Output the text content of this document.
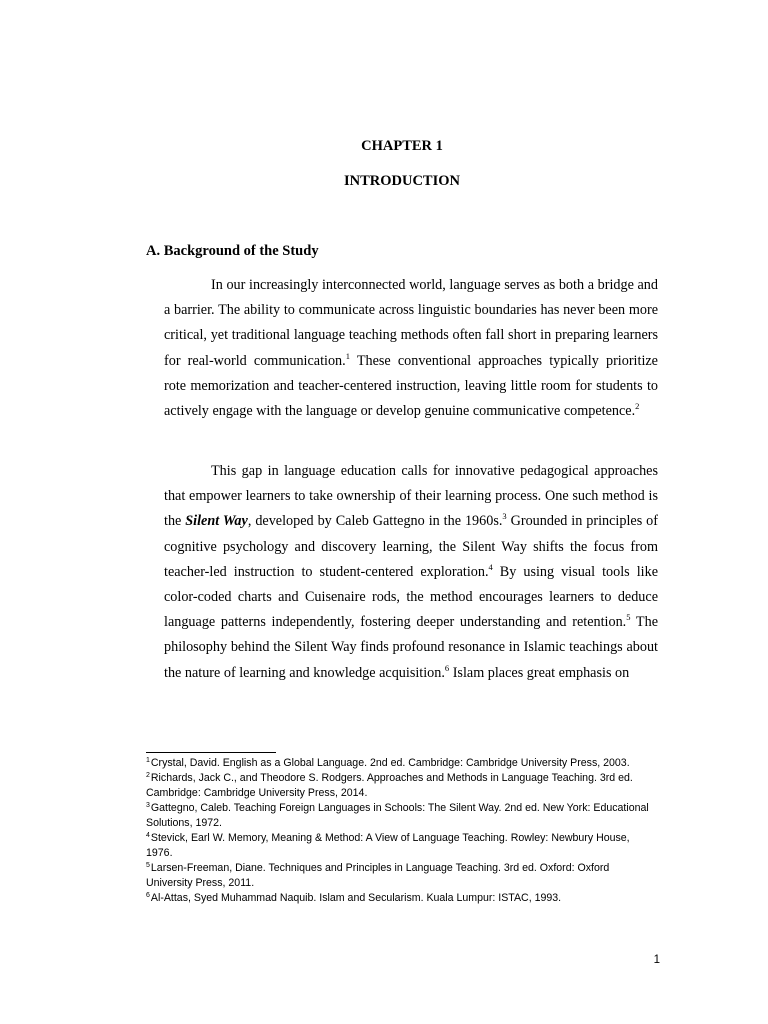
CHAPTER 1
INTRODUCTION
A. Background of the Study

In our increasingly interconnected world, language serves as both a bridge and a barrier. The ability to communicate across linguistic boundaries has never been more critical, yet traditional language teaching methods often fall short in preparing learners for real-world communication.$^1$ These conventional approaches typically prioritize rote memorization and teacher-centered instruction, leaving little room for students to actively engage with the language or develop genuine communicative competence.$^2$

This gap in language education calls for innovative pedagogical approaches that empower learners to take ownership of their learning process. One such method is the Silent Way, developed by Caleb Gattegno in the 1960s.$^3$ Grounded in principles of cognitive psychology and discovery learning, the Silent Way shifts the focus from teacher-led instruction to student-centered exploration.$^4$ By using visual tools like color-coded charts and Cuisenaire rods, the method encourages learners to deduce language patterns independently, fostering deeper understanding and retention.$^5$ The philosophy behind the Silent Way finds profound resonance in Islamic teachings about the nature of learning and knowledge acquisition.$^6$ Islam places great emphasis on

$^1$Crystal, David. English as a Global Language. 2nd ed. Cambridge: Cambridge University Press, 2003.

$^2$Richards, Jack C., and Theodore S. Rodgers. Approaches and Methods in Language Teaching. 3rd ed. Cambridge: Cambridge University Press, 2014.

$^3$Gattegno, Caleb. Teaching Foreign Languages in Schools: The Silent Way. 2nd ed. New York: Educational Solutions, 1972.

$^4$Stevick, Earl W. Memory, Meaning & Method: A View of Language Teaching. Rowley: Newbury House, 1976.

$^5$Larsen-Freeman, Diane. Techniques and Principles in Language Teaching. 3rd ed. Oxford: Oxford University Press, 2011.

$^6$Al-Attas, Syed Muhammad Naquib. Islam and Secularism. Kuala Lumpur: ISTAC, 1993.

1
